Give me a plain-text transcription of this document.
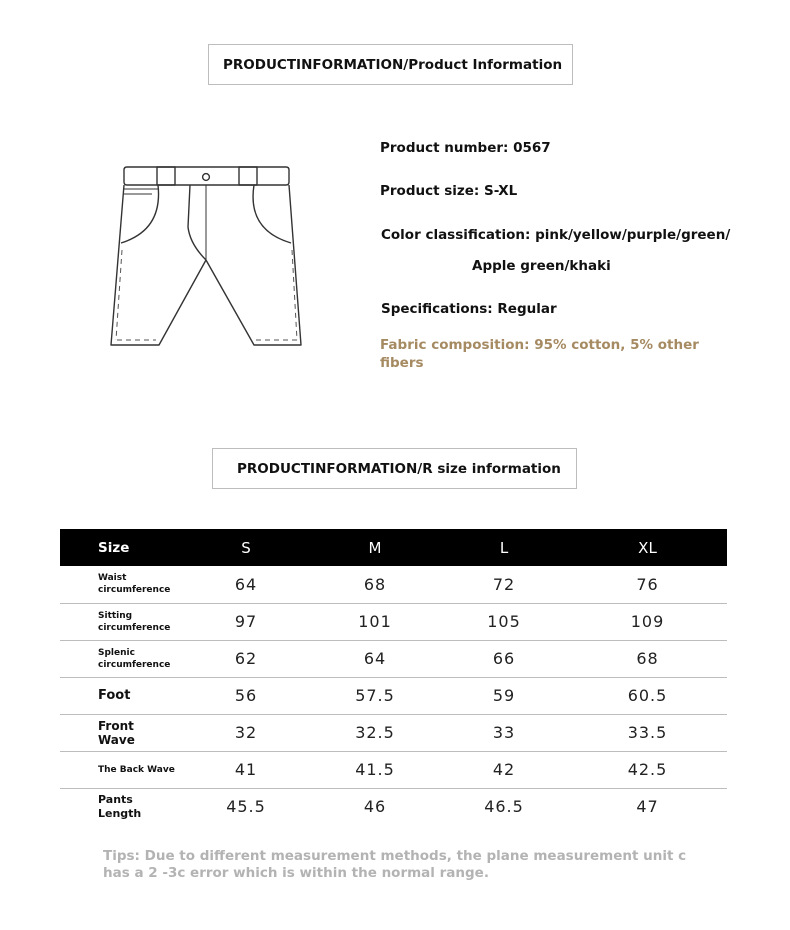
PRODUCTINFORMATION/Product Information
Product number: 0567
Product size: S-XL
Color classification: pink/yellow/purple/green/
Apple green/khaki
Specifications: Regular
Fabric composition: 95% cotton, 5% other fibers
PRODUCTINFORMATION/R size information
Size	S	M	L	XL
Waist circumference	64	68	72	76
Sitting circumference	97	101	105	109
Splenic circumference	62	64	66	68
Foot	56	57.5	59	60.5
Front Wave	32	32.5	33	33.5
The Back Wave	41	41.5	42	42.5
Pants Length	45.5	46	46.5	47
Tips: Due to different measurement methods, the plane measurement unit c has a 2 -3c error which is within the normal range.
